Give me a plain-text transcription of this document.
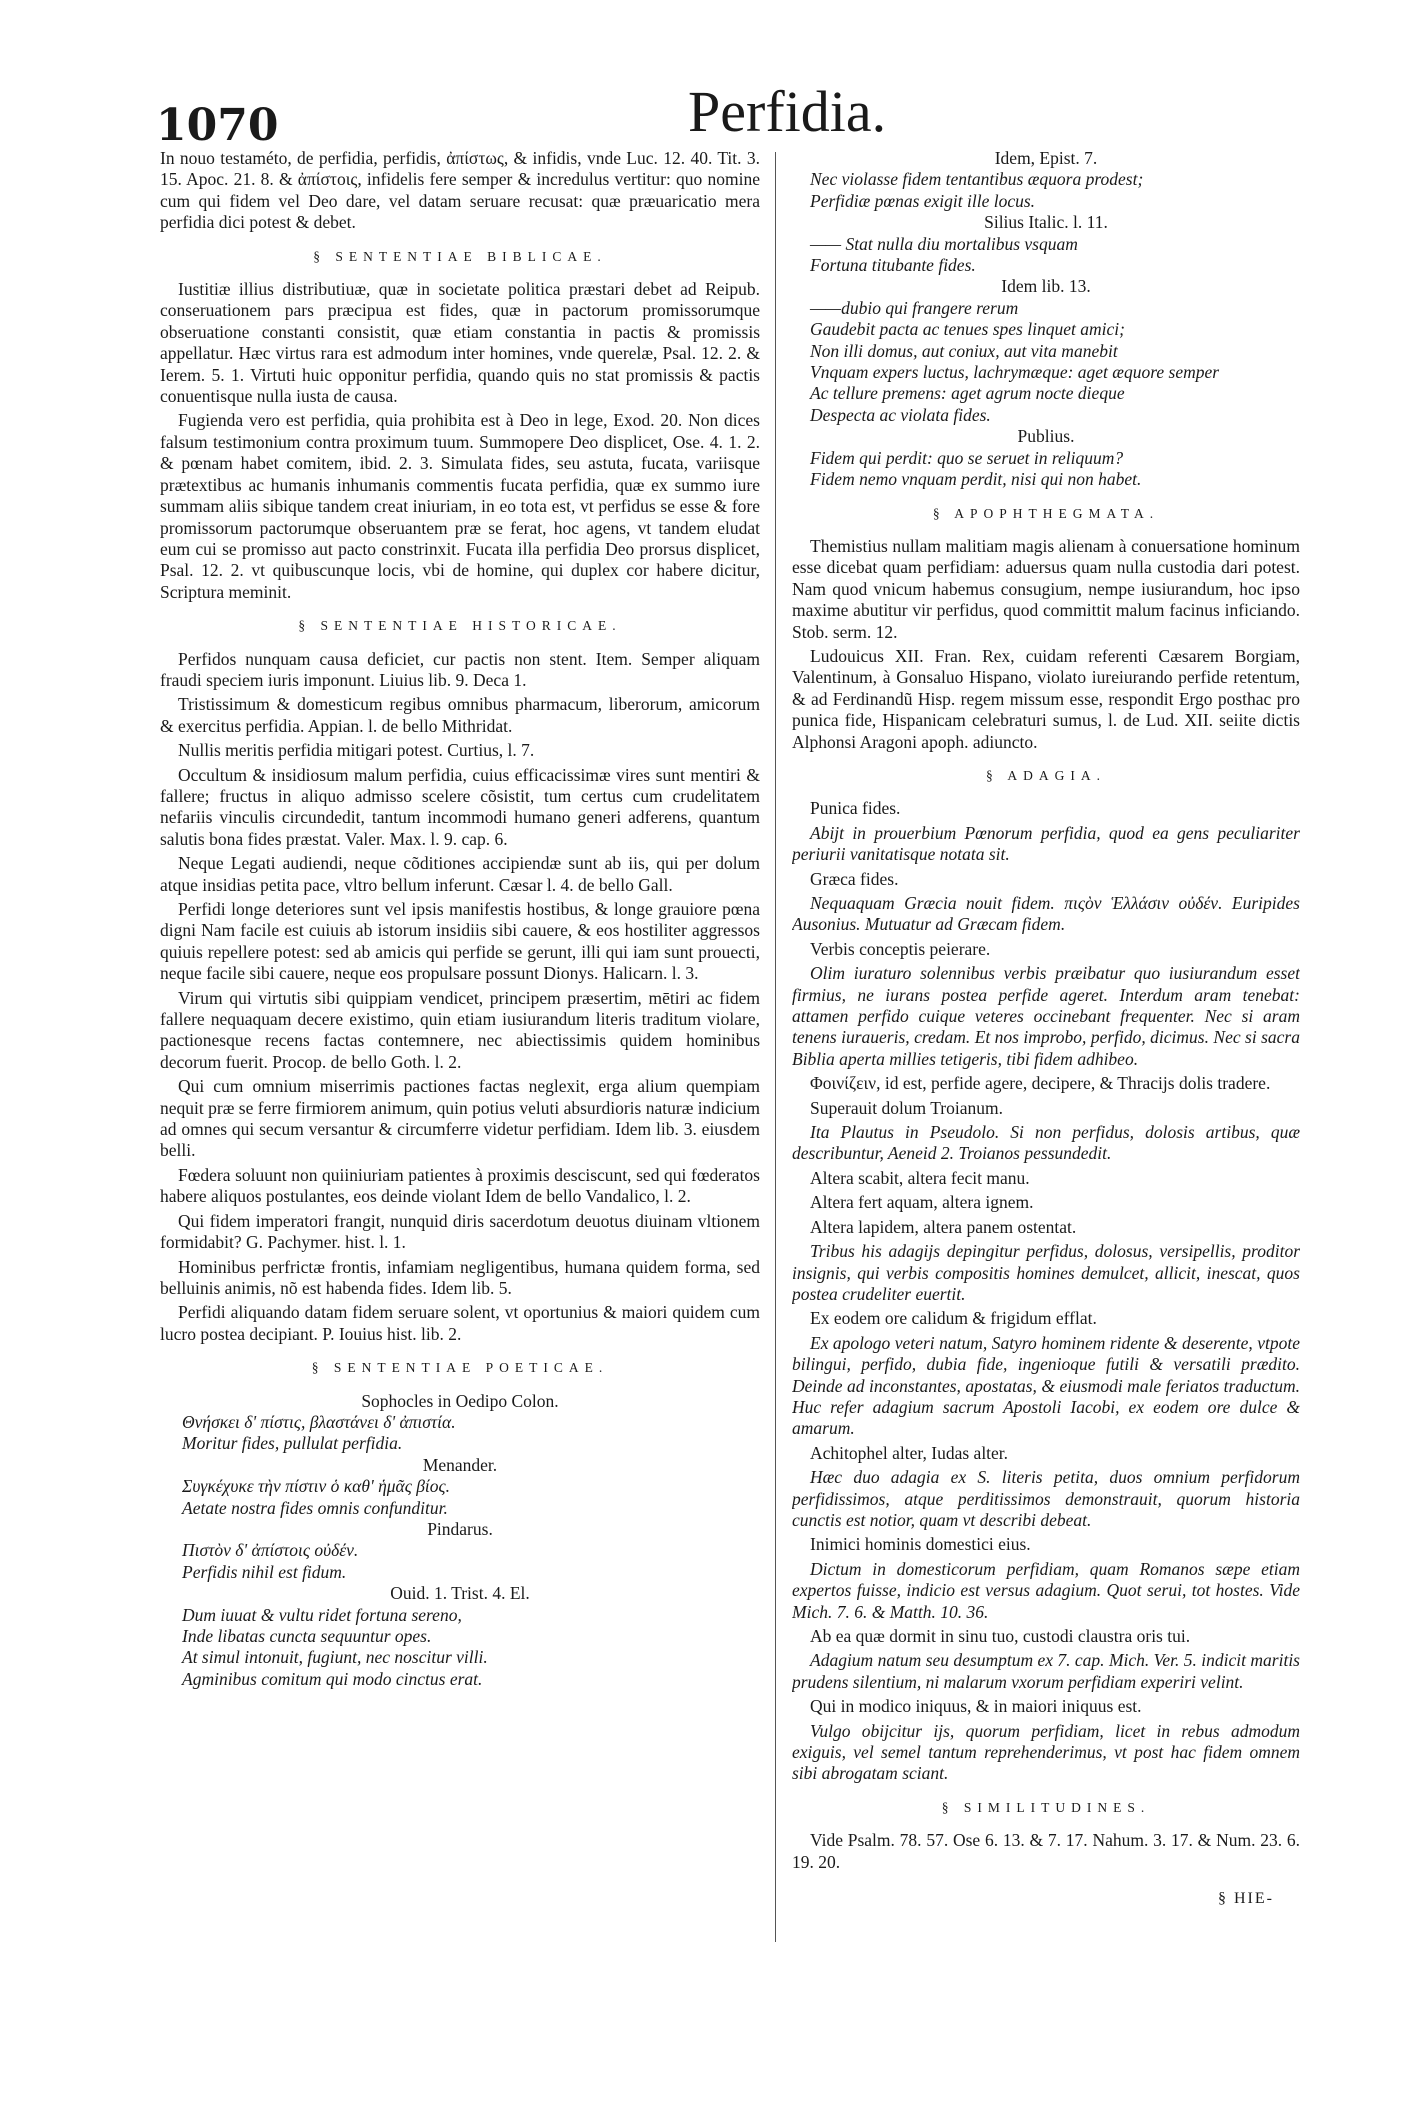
1070	Perfidia.

In nouo testaméto, de perfidia, perfidis, ἀπίστως, & infidis, vnde Luc. 12. 40. Tit. 3. 15. Apoc. 21. 8. & ἀπίστοις, infidelis fere semper & incredulus vertitur: quo nomine cum qui fidem vel Deo dare, vel datam seruare recusat: quæ præuaricatio mera perfidia dici potest & debet.

§ SENTENTIAE BIBLICAE.

Iustitiæ illius distributiuæ, quæ in societate politica præstari debet ad Reipub. conseruationem pars præcipua est fides, quæ in pactorum promissorumque obseruatione constanti consistit, quæ etiam constantia in pactis & promissis appellatur. Hæc virtus rara est admodum inter homines, vnde querelæ, Psal. 12. 2. & Ierem. 5. 1. Virtuti huic opponitur perfidia, quando quis no stat promissis & pactis conuentisque nulla iusta de causa.

Fugienda vero est perfidia, quia prohibita est à Deo in lege, Exod. 20. Non dices falsum testimonium contra proximum tuum. Summopere Deo displicet, Ose. 4. 1. 2. & pœnam habet comitem, ibid. 2. 3. Simulata fides, seu astuta, fucata, variisque prætextibus ac humanis inhumanis commentis fucata perfidia, quæ ex summo iure summam aliis sibique tandem creat iniuriam, in eo tota est, vt perfidus se esse & fore promissorum pactorumque obseruantem præ se ferat, hoc agens, vt tandem eludat eum cui se promisso aut pacto constrinxit. Fucata illa perfidia Deo prorsus displicet, Psal. 12. 2. vt quibuscunque locis, vbi de homine, qui duplex cor habere dicitur, Scriptura meminit.

§ SENTENTIAE HISTORICAE.

Perfidos nunquam causa deficiet, cur pactis non stent. Item. Semper aliquam fraudi speciem iuris imponunt. Liuius lib. 9. Deca 1.

Tristissimum & domesticum regibus omnibus pharmacum, liberorum, amicorum & exercitus perfidia. Appian. l. de bello Mithridat.

Nullis meritis perfidia mitigari potest. Curtius, l. 7.

Occultum & insidiosum malum perfidia, cuius efficacissimæ vires sunt mentiri & fallere; fructus in aliquo admisso scelere cõsistit, tum certus cum crudelitatem nefariis vinculis circundedit, tantum incommodi humano generi adferens, quantum salutis bona fides præstat. Valer. Max. l. 9. cap. 6.

Neque Legati audiendi, neque cõditiones accipiendæ sunt ab iis, qui per dolum atque insidias petita pace, vltro bellum inferunt. Cæsar l. 4. de bello Gall.

Perfidi longe deteriores sunt vel ipsis manifestis hostibus, & longe grauiore pœna digni Nam facile est cuiuis ab istorum insidiis sibi cauere, & eos hostiliter aggressos quiuis repellere potest: sed ab amicis qui perfide se gerunt, illi qui iam sunt prouecti, neque facile sibi cauere, neque eos propulsare possunt Dionys. Halicarn. l. 3.

Virum qui virtutis sibi quippiam vendicet, principem præsertim, mētiri ac fidem fallere nequaquam decere existimo, quin etiam iusiurandum literis traditum violare, pactionesque recens factas contemnere, nec abiectissimis quidem hominibus decorum fuerit. Procop. de bello Goth. l. 2.

Qui cum omnium miserrimis pactiones factas neglexit, erga alium quempiam nequit præ se ferre firmiorem animum, quin potius veluti absurdioris naturæ indicium ad omnes qui secum versantur & circumferre videtur perfidiam. Idem lib. 3. eiusdem belli.

Fœdera soluunt non quiiniuriam patientes à proximis desciscunt, sed qui fœderatos habere aliquos postulantes, eos deinde violant Idem de bello Vandalico, l. 2.

Qui fidem imperatori frangit, nunquid diris sacerdotum deuotus diuinam vltionem formidabit? G. Pachymer. hist. l. 1.

Hominibus perfrictæ frontis, infamiam negligentibus, humana quidem forma, sed belluinis animis, nõ est habenda fides. Idem lib. 5.

Perfidi aliquando datam fidem seruare solent, vt oportunius & maiori quidem cum lucro postea decipiant. P. Iouius hist. lib. 2.

§ SENTENTIAE POETICAE.

Sophocles in Oedipo Colon.

Θνήσκει δ' πίστις, βλαστάνει δ' ἀπιστία.

Moritur fides, pullulat perfidia.

Menander.

Συγκέχυκε τὴν πίστιν ὁ καθ' ἡμᾶς βίος.

Aetate nostra fides omnis confunditur.

Pindarus.

Πιστὸν δ' ἀπίστοις οὐδέν.

Perfidis nihil est fidum.

Ouid. 1. Trist. 4. El.

Dum iuuat & vultu ridet fortuna sereno,

Inde libatas cuncta sequuntur opes.

At simul intonuit, fugiunt, nec noscitur villi.

Agminibus comitum qui modo cinctus erat.

Idem, Epist. 7.

Nec violasse fidem tentantibus æquora prodest;

Perfidiæ pœnas exigit ille locus.

Silius Italic. l. 11.

—— Stat nulla diu mortalibus vsquam

Fortuna titubante fides.

Idem lib. 13.

——dubio qui frangere rerum

Gaudebit pacta ac tenues spes linquet amici;

Non illi domus, aut coniux, aut vita manebit

Vnquam expers luctus, lachrymæque: aget æquore semper

Ac tellure premens: aget agrum nocte dieque

Despecta ac violata fides.

Publius.

Fidem qui perdit: quo se seruet in reliquum?

Fidem nemo vnquam perdit, nisi qui non habet.

§ APOPHTHEGMATA.

Themistius nullam malitiam magis alienam à conuersatione hominum esse dicebat quam perfidiam: aduersus quam nulla custodia dari potest. Nam quod vnicum habemus consugium, nempe iusiurandum, hoc ipso maxime abutitur vir perfidus, quod committit malum facinus inficiando. Stob. serm. 12.

Ludouicus XII. Fran. Rex, cuidam referenti Cæsarem Borgiam, Valentinum, à Gonsaluo Hispano, violato iureiurando perfide retentum, & ad Ferdinandũ Hisp. regem missum esse, respondit Ergo posthac pro punica fide, Hispanicam celebraturi sumus, l. de Lud. XII. seiite dictis Alphonsi Aragoni apoph. adiuncto.

§ ADAGIA.

Punica fides.

Abijt in prouerbium Pœnorum perfidia, quod ea gens peculiariter periurii vanitatisque notata sit.

Græca fides.

Nequaquam Græcia nouit fidem. πιςὸν Ἑλλάσιν οὐδέν. Euripides Ausonius. Mutuatur ad Græcam fidem.

Verbis conceptis peierare.

Olim iuraturo solennibus verbis præibatur quo iusiurandum esset firmius, ne iurans postea perfide ageret. Interdum aram tenebat: attamen perfido cuique veteres occinebant frequenter. Nec si aram tenens iuraueris, credam. Et nos improbo, perfido, dicimus. Nec si sacra Biblia aperta millies tetigeris, tibi fidem adhibeo.

Φοινίζειν, id est, perfide agere, decipere, & Thracijs dolis tradere.

Superauit dolum Troianum.

Ita Plautus in Pseudolo. Si non perfidus, dolosis artibus, quæ describuntur, Aeneid 2. Troianos pessundedit.

Altera scabit, altera fecit manu.

Altera fert aquam, altera ignem.

Altera lapidem, altera panem ostentat.

Tribus his adagijs depingitur perfidus, dolosus, versipellis, proditor insignis, qui verbis compositis homines demulcet, allicit, inescat, quos postea crudeliter euertit.

Ex eodem ore calidum & frigidum efflat.

Ex apologo veteri natum, Satyro hominem ridente & deserente, vtpote bilingui, perfido, dubia fide, ingenioque futili & versatili prædito. Deinde ad inconstantes, apostatas, & eiusmodi male feriatos traductum. Huc refer adagium sacrum Apostoli Iacobi, ex eodem ore dulce & amarum.

Achitophel alter, Iudas alter.

Hæc duo adagia ex S. literis petita, duos omnium perfidorum perfidissimos, atque perditissimos demonstrauit, quorum historia cunctis est notior, quam vt describi debeat.

Inimici hominis domestici eius.

Dictum in domesticorum perfidiam, quam Romanos sæpe etiam expertos fuisse, indicio est versus adagium. Quot serui, tot hostes. Vide Mich. 7. 6. & Matth. 10. 36.

Ab ea quæ dormit in sinu tuo, custodi claustra oris tui.

Adagium natum seu desumptum ex 7. cap. Mich. Ver. 5. indicit maritis prudens silentium, ni malarum vxorum perfidiam experiri velint.

Qui in modico iniquus, & in maiori iniquus est.

Vulgo obijcitur ijs, quorum perfidiam, licet in rebus admodum exiguis, vel semel tantum reprehenderimus, vt post hac fidem omnem sibi abrogatam sciant.

§ SIMILITUDINES.

Vide Psalm. 78. 57. Ose 6. 13. & 7. 17. Nahum. 3. 17. & Num. 23. 6. 19. 20.

§ HIE-
